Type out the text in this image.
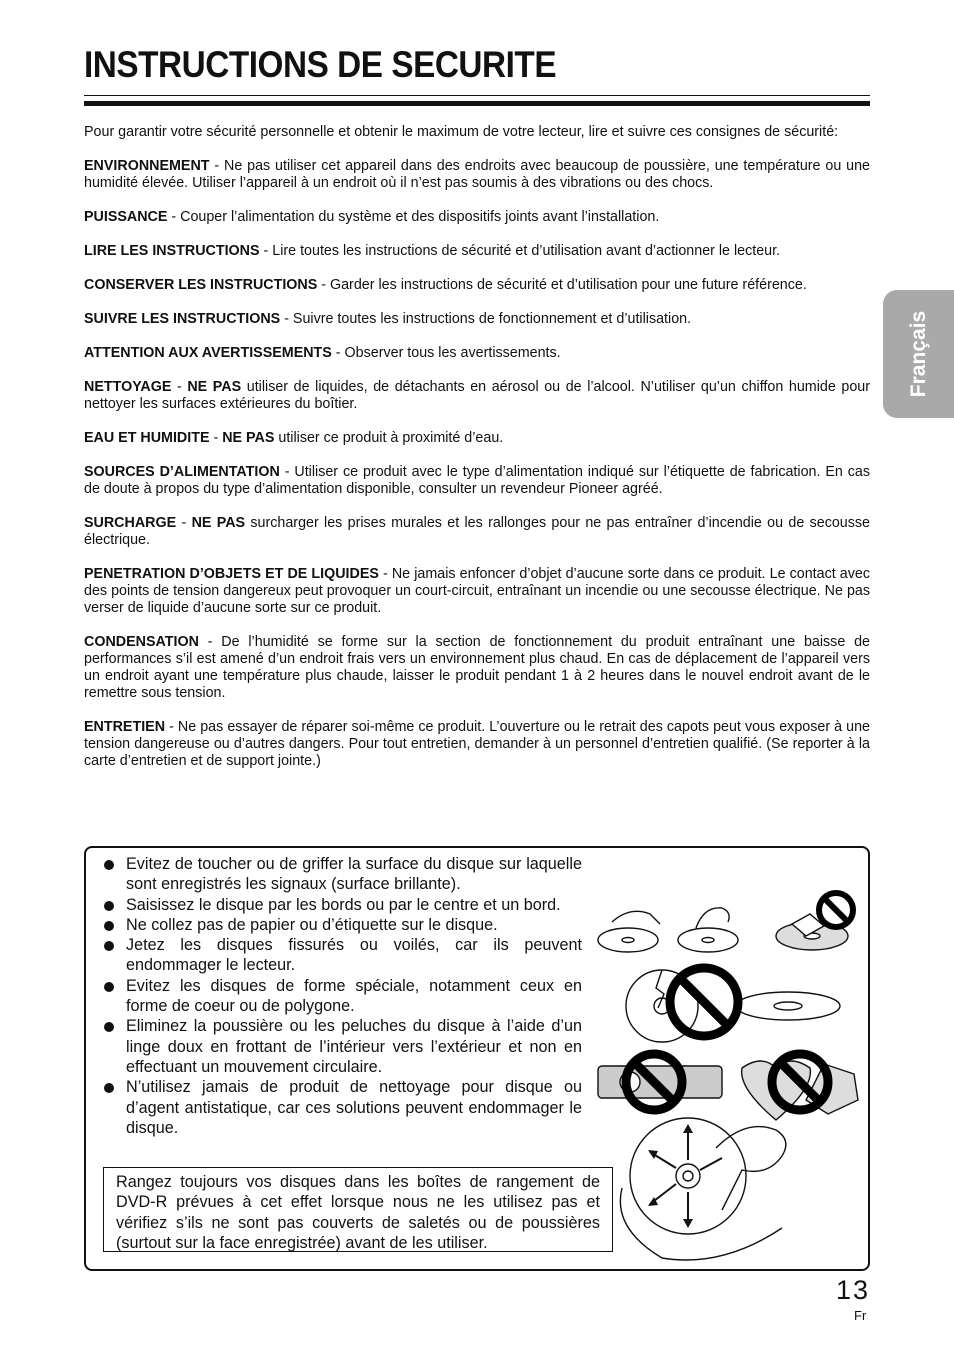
INSTRUCTIONS DE SECURITE

Pour garantir votre sécurité personnelle et obtenir le maximum de votre lecteur, lire et suivre ces consignes de sécurité:

ENVIRONNEMENT - Ne pas utiliser cet appareil dans des endroits avec beaucoup de poussière, une température ou une humidité élevée. Utiliser l’appareil à un endroit où il n’est pas soumis à des vibrations ou des chocs.

PUISSANCE - Couper l’alimentation du système et des dispositifs joints avant l’installation.

LIRE LES INSTRUCTIONS - Lire toutes les instructions de sécurité et d’utilisation avant d’actionner le lecteur.

CONSERVER LES INSTRUCTIONS - Garder les instructions de sécurité et d’utilisation pour une future référence.

SUIVRE LES INSTRUCTIONS - Suivre toutes les instructions de fonctionnement et d’utilisation.

ATTENTION AUX AVERTISSEMENTS - Observer tous les avertissements.

NETTOYAGE - NE PAS utiliser de liquides, de détachants en aérosol ou de l’alcool. N’utiliser qu’un chiffon humide pour nettoyer les surfaces extérieures du boîtier.

EAU ET HUMIDITE - NE PAS utiliser ce produit à proximité d’eau.

SOURCES D’ALIMENTATION - Utiliser ce produit avec le type d’alimentation indiqué sur l’étiquette de fabrication. En cas de doute à propos du type d’alimentation disponible, consulter un revendeur Pioneer agréé.

SURCHARGE - NE PAS surcharger les prises murales et les rallonges pour ne pas entraîner d’incendie ou de secousse électrique.

PENETRATION D’OBJETS ET DE LIQUIDES - Ne jamais enfoncer d’objet d’aucune sorte dans ce produit. Le contact avec des points de tension dangereux peut provoquer un court-circuit, entraînant un incendie ou une secousse électrique. Ne pas verser de liquide d’aucune sorte sur ce produit.

CONDENSATION - De l’humidité se forme sur la section de fonctionnement du produit entraînant une baisse de performances s’il est amené d’un endroit frais vers un environnement plus chaud. En cas de déplacement de l’appareil vers un endroit ayant une température plus chaude, laisser le produit pendant 1 à 2 heures dans le nouvel endroit avant de le remettre sous tension.

ENTRETIEN - Ne pas essayer de réparer soi-même ce produit. L’ouverture ou le retrait des capots peut vous exposer à une tension dangereuse ou d’autres dangers. Pour tout entretien, demander à un personnel d’entretien qualifié. (Se reporter à la carte d’entretien et de support jointe.)

Français
Evitez de toucher ou de griffer la surface du disque sur laquelle sont enregistrés les signaux (surface brillante).
Saisissez le disque par les bords ou par le centre et un bord.
Ne collez pas de papier ou d’étiquette sur le disque.
Jetez les disques fissurés ou voilés, car ils peuvent endommager le lecteur.
Evitez les disques de forme spéciale, notamment ceux en forme de coeur ou de polygone.
Eliminez la poussière ou les peluches du disque à l’aide d’un linge doux en frottant de l’intérieur vers l’extérieur et non en effectuant un mouvement circulaire.
N’utilisez jamais de produit de nettoyage pour disque ou d’agent antistatique, car ces solutions peuvent endommager le disque.
Rangez toujours vos disques dans les boîtes de rangement de DVD-R prévues à cet effet lorsque nous ne les utilisez pas et vérifiez s’ils ne sont pas couverts de saletés ou de poussières (surtout sur la face enregistrée) avant de les utiliser.
13
Fr
